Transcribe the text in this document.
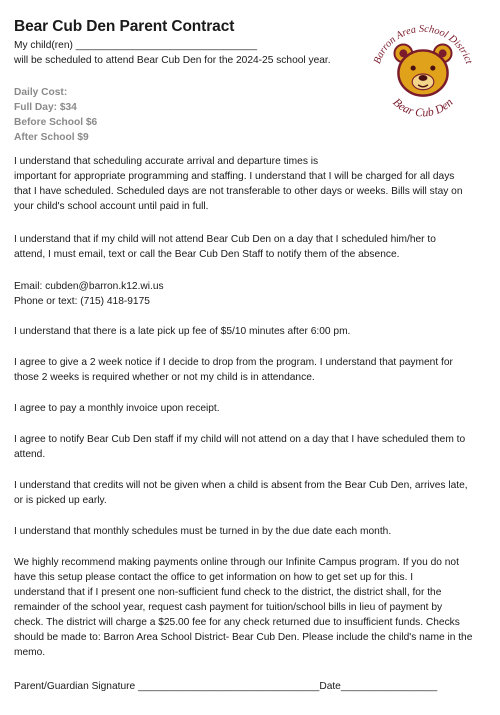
Bear Cub Den Parent Contract
My child(ren) ________________________________
will be scheduled to attend Bear Cub Den for the 2024-25 school year.
Daily Cost:
Full Day: $34
Before School $6
After School $9
Barron Area School District
Bear Cub Den
I understand that scheduling accurate arrival and departure times is
important for appropriate programming and staffing. I understand that I will be charged for all days
that I have scheduled. Scheduled days are not transferable to other days or weeks. Bills will stay on
your child's school account until paid in full.
I understand that if my child will not attend Bear Cub Den on a day that I scheduled him/her to
attend, I must email, text or call the Bear Cub Den Staff to notify them of the absence.
Email: cubden@barron.k12.wi.us
Phone or text: (715) 418-9175
I understand that there is a late pick up fee of $5/10 minutes after 6:00 pm.
I agree to give a 2 week notice if I decide to drop from the program. I understand that payment for
those 2 weeks is required whether or not my child is in attendance.
I agree to pay a monthly invoice upon receipt.
I agree to notify Bear Cub Den staff if my child will not attend on a day that I have scheduled them to
attend.
I understand that credits will not be given when a child is absent from the Bear Cub Den, arrives late,
or is picked up early.
I understand that monthly schedules must be turned in by the due date each month.
We highly recommend making payments online through our Infinite Campus program. If you do not
have this setup please contact the office to get information on how to get set up for this. I
understand that if I present one non-sufficient fund check to the district, the district shall, for the
remainder of the school year, request cash payment for tuition/school bills in lieu of payment by
check. The district will charge a $25.00 fee for any check returned due to insufficient funds. Checks
should be made to: Barron Area School District- Bear Cub Den. Please include the child's name in the
memo.
Parent/Guardian Signature ________________________________Date_________________
